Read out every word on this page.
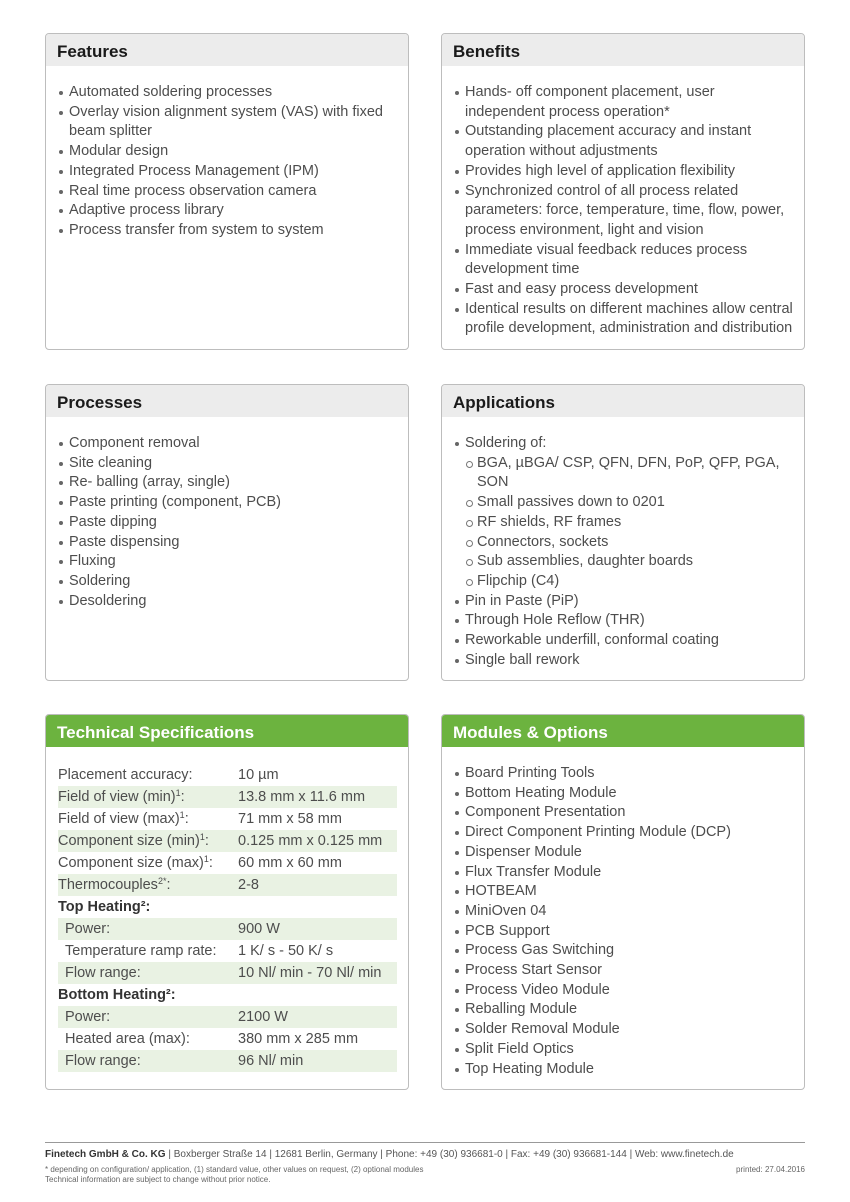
Features
Automated soldering processes
Overlay vision alignment system (VAS) with fixed beam splitter
Modular design
Integrated Process Management (IPM)
Real time process observation camera
Adaptive process library
Process transfer from system to system
Benefits
Hands- off component placement, user independent process operation*
Outstanding placement accuracy and instant operation without adjustments
Provides high level of application flexibility
Synchronized control of all process related parameters: force, temperature, time, flow, power, process environment, light and vision
Immediate visual feedback reduces process development time
Fast and easy process development
Identical results on different machines allow central profile development, administration and distribution
Processes
Component removal
Site cleaning
Re- balling (array, single)
Paste printing (component, PCB)
Paste dipping
Paste dispensing
Fluxing
Soldering
Desoldering
Applications
Soldering of:
BGA, µBGA/ CSP, QFN, DFN, PoP, QFP, PGA, SON
Small passives down to 0201
RF shields, RF frames
Connectors, sockets
Sub assemblies, daughter boards
Flipchip (C4)
Pin in Paste (PiP)
Through Hole Reflow (THR)
Reworkable underfill, conformal coating
Single ball rework
Technical Specifications
Placement accuracy:	10 µm
Field of view $(\min)^1$:	13.8 mm x 11.6 mm
Field of view $(\max)^1$:	71 mm x 58 mm
Component size $(\min)^1$:	0.125 mm x 0.125 mm
Component size $(\max)^1$:	60 mm x 60 mm
Thermocouples$^{2*}$:	2-8
Top Heating²:	
Power:	900 W
Temperature ramp rate:	1 K/ s - 50 K/ s
Flow range:	10 Nl/ min - 70 Nl/ min
Bottom Heating²:	
Power:	2100 W
Heated area (max):	380 mm x 285 mm
Flow range:	96 Nl/ min
Modules & Options
Board Printing Tools
Bottom Heating Module
Component Presentation
Direct Component Printing Module (DCP)
Dispenser Module
Flux Transfer Module
HOTBEAM
MiniOven 04
PCB Support
Process Gas Switching
Process Start Sensor
Process Video Module
Reballing Module
Solder Removal Module
Split Field Optics
Top Heating Module
Finetech GmbH & Co. KG | Boxberger Straße 14 | 12681 Berlin, Germany | Phone: +49 (30) 936681-0 | Fax: +49 (30) 936681-144 | Web: www.finetech.de
* depending on configuration/ application, (1) standard value, other values on request, (2) optional modules
Technical information are subject to change without prior notice.
printed: 27.04.2016
